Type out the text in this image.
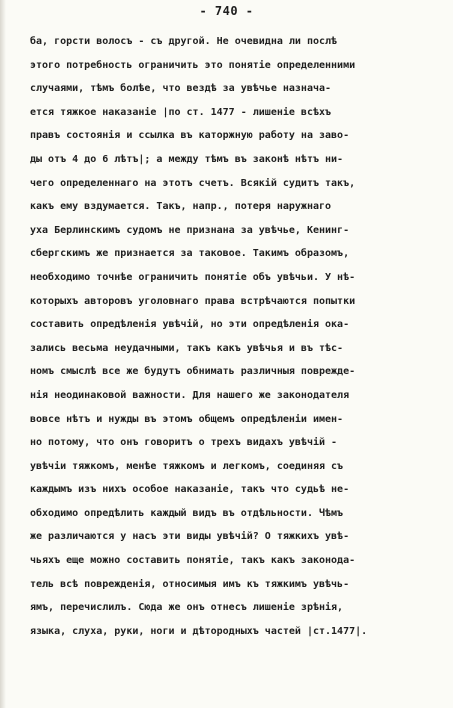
- 740 -
ба, горсти волосъ - съ другой. Не очевидна ли послѣ
этого потребность ограничить это понятіе определенними
случаями, тѣмъ болѣе, что вездѣ за увѣчье назнача-
ется тяжкое наказаніе |по ст. 1477 - лишеніе всѣхъ
правъ состоянія и ссылка въ каторжную работу на заво-
ды отъ 4 до 6 лѣтъ|; а между тѣмъ въ законѣ нѣтъ ни-
чего определеннаго на этотъ счетъ. Всякій судитъ такъ,
какъ ему вздумается. Такъ, напр., потеря наружнаго
уха Берлинскимъ судомъ не признана за увѣчье, Кенинг-
сбергскимъ же признается за таковое. Такимъ образомъ,
необходимо точнѣе ограничить понятіе объ увѣчьи. У нѣ-
которыхъ авторовъ уголовнаго права встрѣчаются попытки
составить опредѣленія увѣчій, но эти опредѣленія ока-
зались весьма неудачными, такъ какъ увѣчья и въ тѣс-
номъ смыслѣ все же будутъ обнимать различныя поврежде-
нія неодинаковой важности. Для нашего же законодателя
вовсе нѣтъ и нужды въ этомъ общемъ опредѣленіи имен-
но потому, что онъ говоритъ о трехъ видахъ увѣчій -
увѣчіи тяжкомъ, менѣе тяжкомъ и легкомъ, соединяя съ
каждымъ изъ нихъ особое наказаніе, такъ что судьѣ не-
обходимо опредѣлить каждый видъ въ отдѣльности. Чѣмъ
же различаются у насъ эти виды увѣчій? О тяжкихъ увѣ-
чьяхъ еще можно составить понятіе, такъ какъ законода-
тель всѣ поврежденія, относимыя имъ къ тяжкимъ увѣчь-
ямъ, перечислилъ. Сюда же онъ отнесъ лишеніе зрѣнія,
языка, слуха, руки, ноги и дѣтородныхъ частей |ст.1477|.
